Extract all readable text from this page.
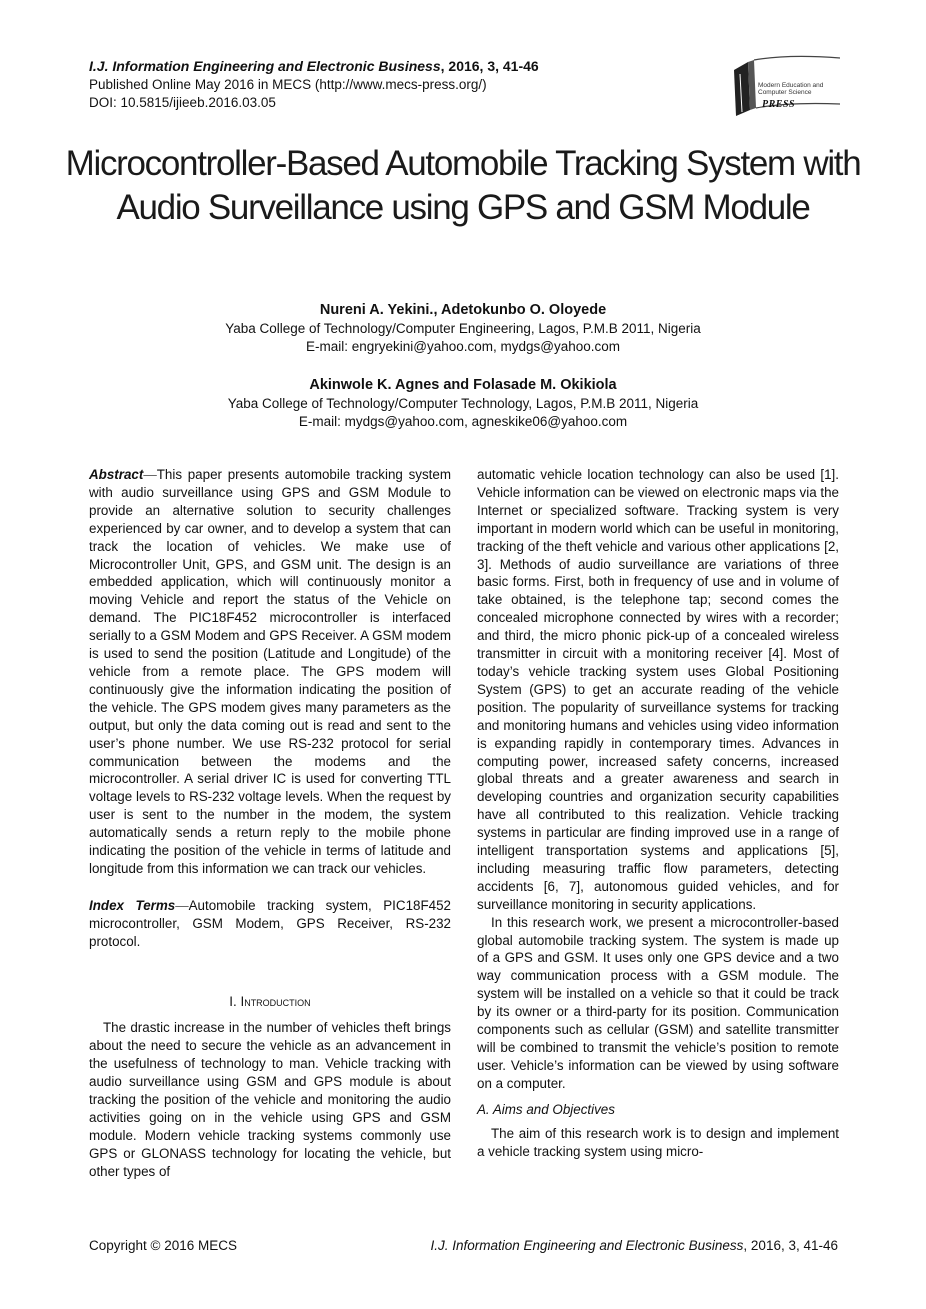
I.J. Information Engineering and Electronic Business, 2016, 3, 41-46
Published Online May 2016 in MECS (http://www.mecs-press.org/)
DOI: 10.5815/ijieeb.2016.03.05
Modern Education and Computer Science
PRESS
Microcontroller-Based Automobile Tracking System with Audio Surveillance using GPS and GSM Module
Nureni A. Yekini., Adetokunbo O. Oloyede
Yaba College of Technology/Computer Engineering, Lagos, P.M.B 2011, Nigeria
E-mail: engryekini@yahoo.com, mydgs@yahoo.com
Akinwole K. Agnes and Folasade M. Okikiola
Yaba College of Technology/Computer Technology, Lagos, P.M.B 2011, Nigeria
E-mail: mydgs@yahoo.com, agneskike06@yahoo.com

Abstract—This paper presents automobile tracking system with audio surveillance using GPS and GSM Module to provide an alternative solution to security challenges experienced by car owner, and to develop a system that can track the location of vehicles. We make use of Microcontroller Unit, GPS, and GSM unit. The design is an embedded application, which will continuously monitor a moving Vehicle and report the status of the Vehicle on demand. The PIC18F452 microcontroller is interfaced serially to a GSM Modem and GPS Receiver. A GSM modem is used to send the position (Latitude and Longitude) of the vehicle from a remote place. The GPS modem will continuously give the information indicating the position of the vehicle. The GPS modem gives many parameters as the output, but only the data coming out is read and sent to the user’s phone number. We use RS-232 protocol for serial communication between the modems and the microcontroller. A serial driver IC is used for converting TTL voltage levels to RS-232 voltage levels. When the request by user is sent to the number in the modem, the system automatically sends a return reply to the mobile phone indicating the position of the vehicle in terms of latitude and longitude from this information we can track our vehicles.

Index Terms—Automobile tracking system, PIC18F452 microcontroller, GSM Modem, GPS Receiver, RS-232 protocol.

I. Introduction

The drastic increase in the number of vehicles theft brings about the need to secure the vehicle as an advancement in the usefulness of technology to man. Vehicle tracking with audio surveillance using GSM and GPS module is about tracking the position of the vehicle and monitoring the audio activities going on in the vehicle using GPS and GSM module. Modern vehicle tracking systems commonly use GPS or GLONASS technology for locating the vehicle, but other types of

automatic vehicle location technology can also be used [1]. Vehicle information can be viewed on electronic maps via the Internet or specialized software. Tracking system is very important in modern world which can be useful in monitoring, tracking of the theft vehicle and various other applications [2, 3]. Methods of audio surveillance are variations of three basic forms. First, both in frequency of use and in volume of take obtained, is the telephone tap; second comes the concealed microphone connected by wires with a recorder; and third, the micro phonic pick-up of a concealed wireless transmitter in circuit with a monitoring receiver [4]. Most of today’s vehicle tracking system uses Global Positioning System (GPS) to get an accurate reading of the vehicle position. The popularity of surveillance systems for tracking and monitoring humans and vehicles using video information is expanding rapidly in contemporary times. Advances in computing power, increased safety concerns, increased global threats and a greater awareness and search in developing countries and organization security capabilities have all contributed to this realization. Vehicle tracking systems in particular are finding improved use in a range of intelligent transportation systems and applications [5], including measuring traffic flow parameters, detecting accidents [6, 7], autonomous guided vehicles, and for surveillance monitoring in security applications.

In this research work, we present a microcontroller-based global automobile tracking system. The system is made up of a GPS and GSM. It uses only one GPS device and a two way communication process with a GSM module. The system will be installed on a vehicle so that it could be track by its owner or a third-party for its position. Communication components such as cellular (GSM) and satellite transmitter will be combined to transmit the vehicle’s position to remote user. Vehicle’s information can be viewed by using software on a computer.

A. Aims and Objectives

The aim of this research work is to design and implement a vehicle tracking system using micro-

Copyright © 2016 MECS	I.J. Information Engineering and Electronic Business, 2016, 3, 41-46
